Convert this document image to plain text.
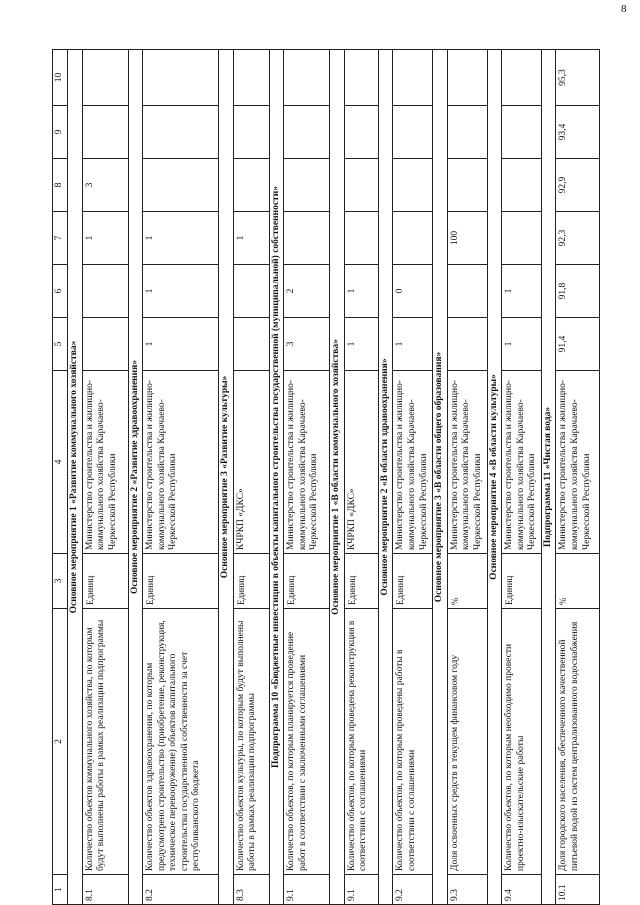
8
1	2	3	4	5	6	7	8	9	10
Основное мероприятие 1 «Развитие коммунального хозяйства»									
8.1	Количество объектов коммунального хозяйства, по которым будут выполнены работы в рамках реализации подпрограммы	Единиц	Министерство строительства и жилищно-коммунального хозяйства Карачаево-Черкесской Республики			1	3		
Основное мероприятие 2 «Развитие здравоохранения»									
8.2	Количество объектов здравоохранения, по которым предусмотрено строительство (приобретение, реконструкция, техническое перевооружение) объектов капитального строительства государственной собственности за счет республиканского бюджета	Единиц	Министерство строительства и жилищно-коммунального хозяйства Карачаево-Черкесской Республики	1	1	1			
Основное мероприятие 3 «Развитие культуры»									
8.3	Количество объектов культуры, по которым будут выполнены работы в рамках реализации подпрограммы	Единиц	КЧРКП «ДКС»			1			
Подпрограмма 10 «Бюджетные инвестиции в объекты капитального строительства государственной (муниципальной) собственности»									
9.1	Количество объектов, по которым планируется проведение работ в соответствии с заключенными соглашениями	Единиц	Министерство строительства и жилищно-коммунального хозяйства Карачаево-Черкесской Республики	3	2				
Основное мероприятие 1 «В области коммунального хозяйства»									
9.1	Количество объектов, по которым проведена реконструкция в соответствии с соглашениями	Единиц	КЧРКП «ДКС»	1	1				
Основное мероприятие 2 «В области здравоохранения»									
9.2	Количество объектов, по которым проведены работы в соответствии с соглашениями	Единиц	Министерство строительства и жилищно-коммунального хозяйства Карачаево-Черкесской Республики	1	0				
Основное мероприятие 3 «В области общего образования»									
9.3	Доля освоенных средств в текущем финансовом году	%	Министерство строительства и жилищно-коммунального хозяйства Карачаево-Черкесской Республики			100			
Основное мероприятие 4 «В области культуры»									
9.4	Количество объектов, по которым необходимо провести проектно-изыскательские работы	Единиц	Министерство строительства и жилищно-коммунального хозяйства Карачаево-Черкесской Республики	1	1				
Подпрограмма 11 «Чистая вода»									
10.1	Доля городского населения, обеспеченного качественной питьевой водой из систем централизованного водоснабжения	%	Министерство строительства и жилищно-коммунального хозяйства Карачаево-Черкесской Республики	91,4	91,8	92,3	92,9	93,4	95,3
